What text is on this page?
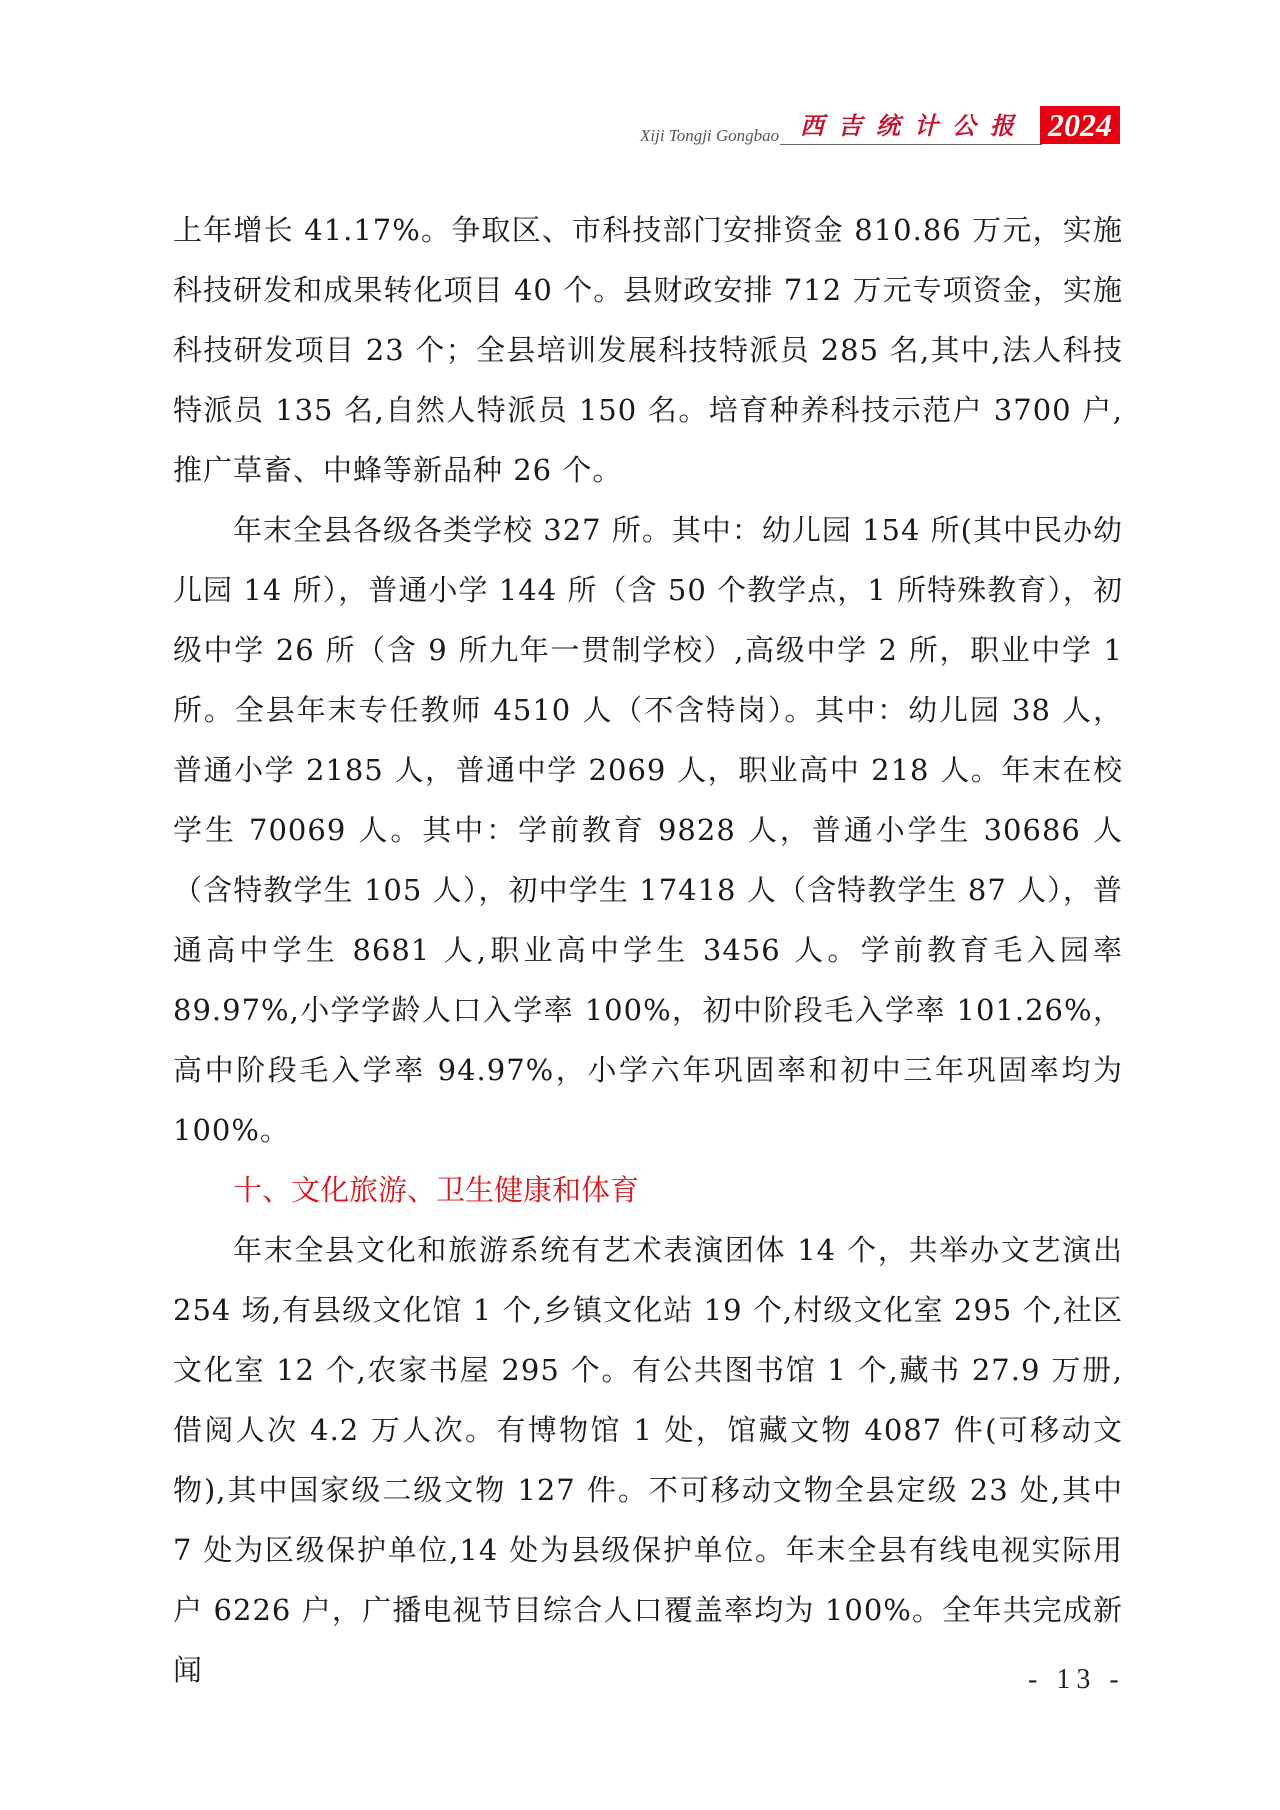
Xiji Tongji Gongbao 西吉统计公报 2024

上年增长 41.17%。争取区、市科技部门安排资金 810.86 万元，实施科技研发和成果转化项目 40 个。县财政安排 712 万元专项资金，实施科技研发项目 23 个；全县培训发展科技特派员 285 名,其中,法人科技特派员 135 名,自然人特派员 150 名。培育种养科技示范户 3700 户,推广草畜、中蜂等新品种 26 个。

年末全县各级各类学校 327 所。其中：幼儿园 154 所(其中民办幼儿园 14 所），普通小学 144 所（含 50 个教学点，1 所特殊教育），初级中学 26 所（含 9 所九年一贯制学校）,高级中学 2 所，职业中学 1 所。全县年末专任教师 4510 人（不含特岗）。其中：幼儿园 38 人，普通小学 2185 人，普通中学 2069 人，职业高中 218 人。年末在校学生 70069 人。其中：学前教育 9828 人，普通小学生 30686 人（含特教学生 105 人），初中学生 17418 人（含特教学生 87 人），普通高中学生 8681 人,职业高中学生 3456 人。学前教育毛入园率 89.97%,小学学龄人口入学率 100%，初中阶段毛入学率 101.26%，高中阶段毛入学率 94.97%，小学六年巩固率和初中三年巩固率均为 100%。

十、文化旅游、卫生健康和体育

年末全县文化和旅游系统有艺术表演团体 14 个，共举办文艺演出 254 场,有县级文化馆 1 个,乡镇文化站 19 个,村级文化室 295 个,社区文化室 12 个,农家书屋 295 个。有公共图书馆 1 个,藏书 27.9 万册,借阅人次 4.2 万人次。有博物馆 1 处，馆藏文物 4087 件(可移动文物),其中国家级二级文物 127 件。不可移动文物全县定级 23 处,其中 7 处为区级保护单位,14 处为县级保护单位。年末全县有线电视实际用户 6226 户，广播电视节目综合人口覆盖率均为 100%。全年共完成新闻	- 13 -
